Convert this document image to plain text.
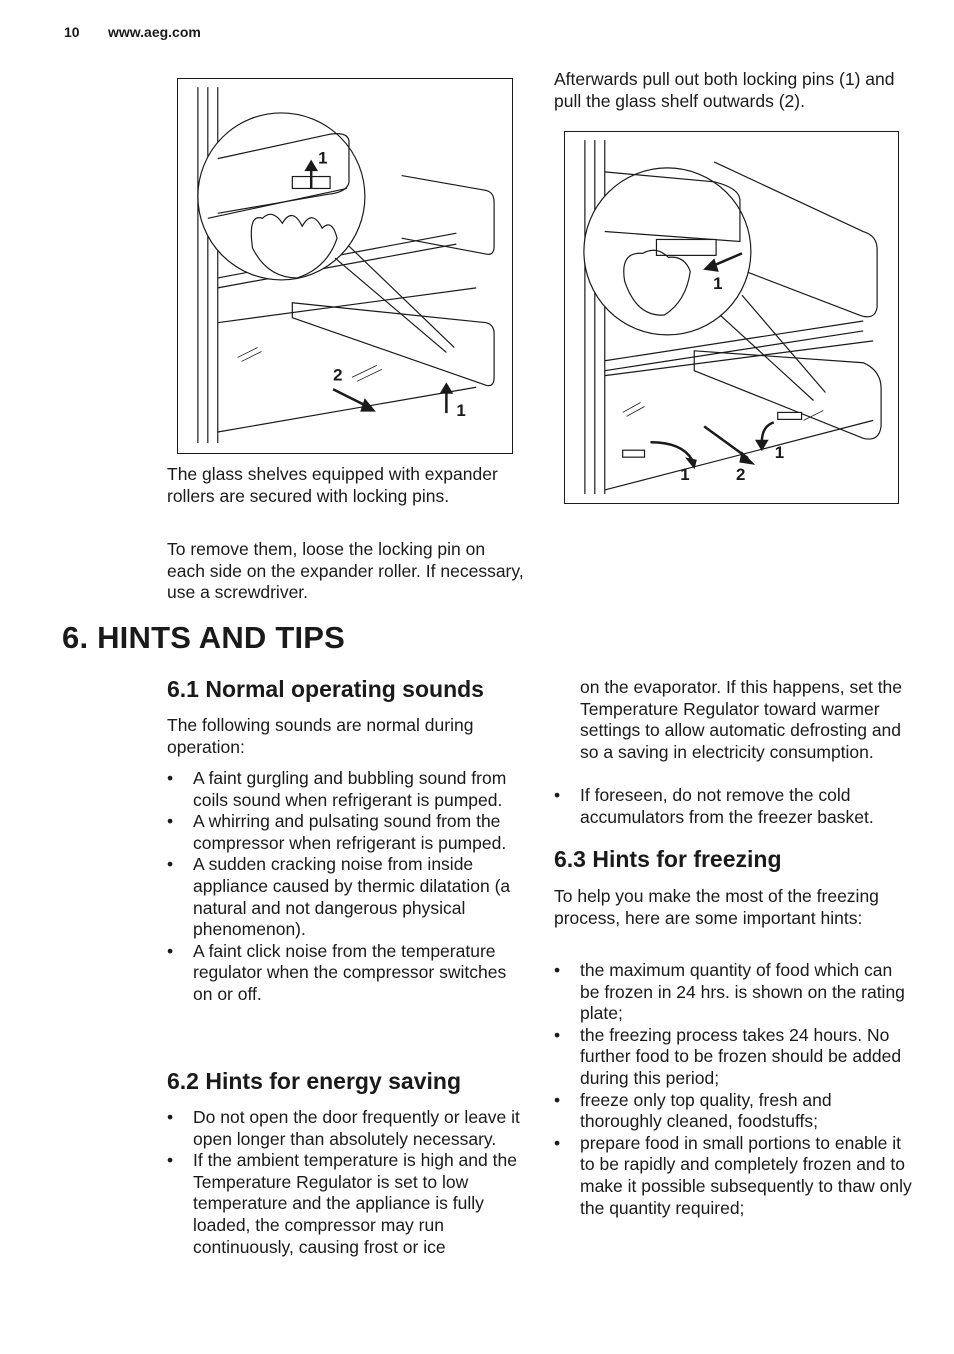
10 www.aeg.com
1
2
1
1
1	2
1

The glass shelves equipped with expander rollers are secured with locking pins.

To remove them, loose the locking pin on each side on the expander roller. If necessary, use a screwdriver.

Afterwards pull out both locking pins (1) and pull the glass shelf outwards (2).

6. HINTS AND TIPS
6.1 Normal operating sounds

The following sounds are normal during operation:

• A faint gurgling and bubbling sound from coils sound when refrigerant is pumped.
• A whirring and pulsating sound from the compressor when refrigerant is pumped.
• A sudden cracking noise from inside appliance caused by thermic dilatation (a natural and not dangerous physical phenomenon).
• A faint click noise from the temperature regulator when the compressor switches on or off.
6.2 Hints for energy saving
• Do not open the door frequently or leave it open longer than absolutely necessary.
• If the ambient temperature is high and the Temperature Regulator is set to low temperature and the appliance is fully loaded, the compressor may run continuously, causing frost or ice

on the evaporator. If this happens, set the Temperature Regulator toward warmer settings to allow automatic defrosting and so a saving in electricity consumption.

• If foreseen, do not remove the cold accumulators from the freezer basket.
6.3 Hints for freezing

To help you make the most of the freezing process, here are some important hints:

• the maximum quantity of food which can be frozen in 24 hrs. is shown on the rating plate;
• the freezing process takes 24 hours. No further food to be frozen should be added during this period;
• freeze only top quality, fresh and thoroughly cleaned, foodstuffs;
• prepare food in small portions to enable it to be rapidly and completely frozen and to make it possible subsequently to thaw only the quantity required;
